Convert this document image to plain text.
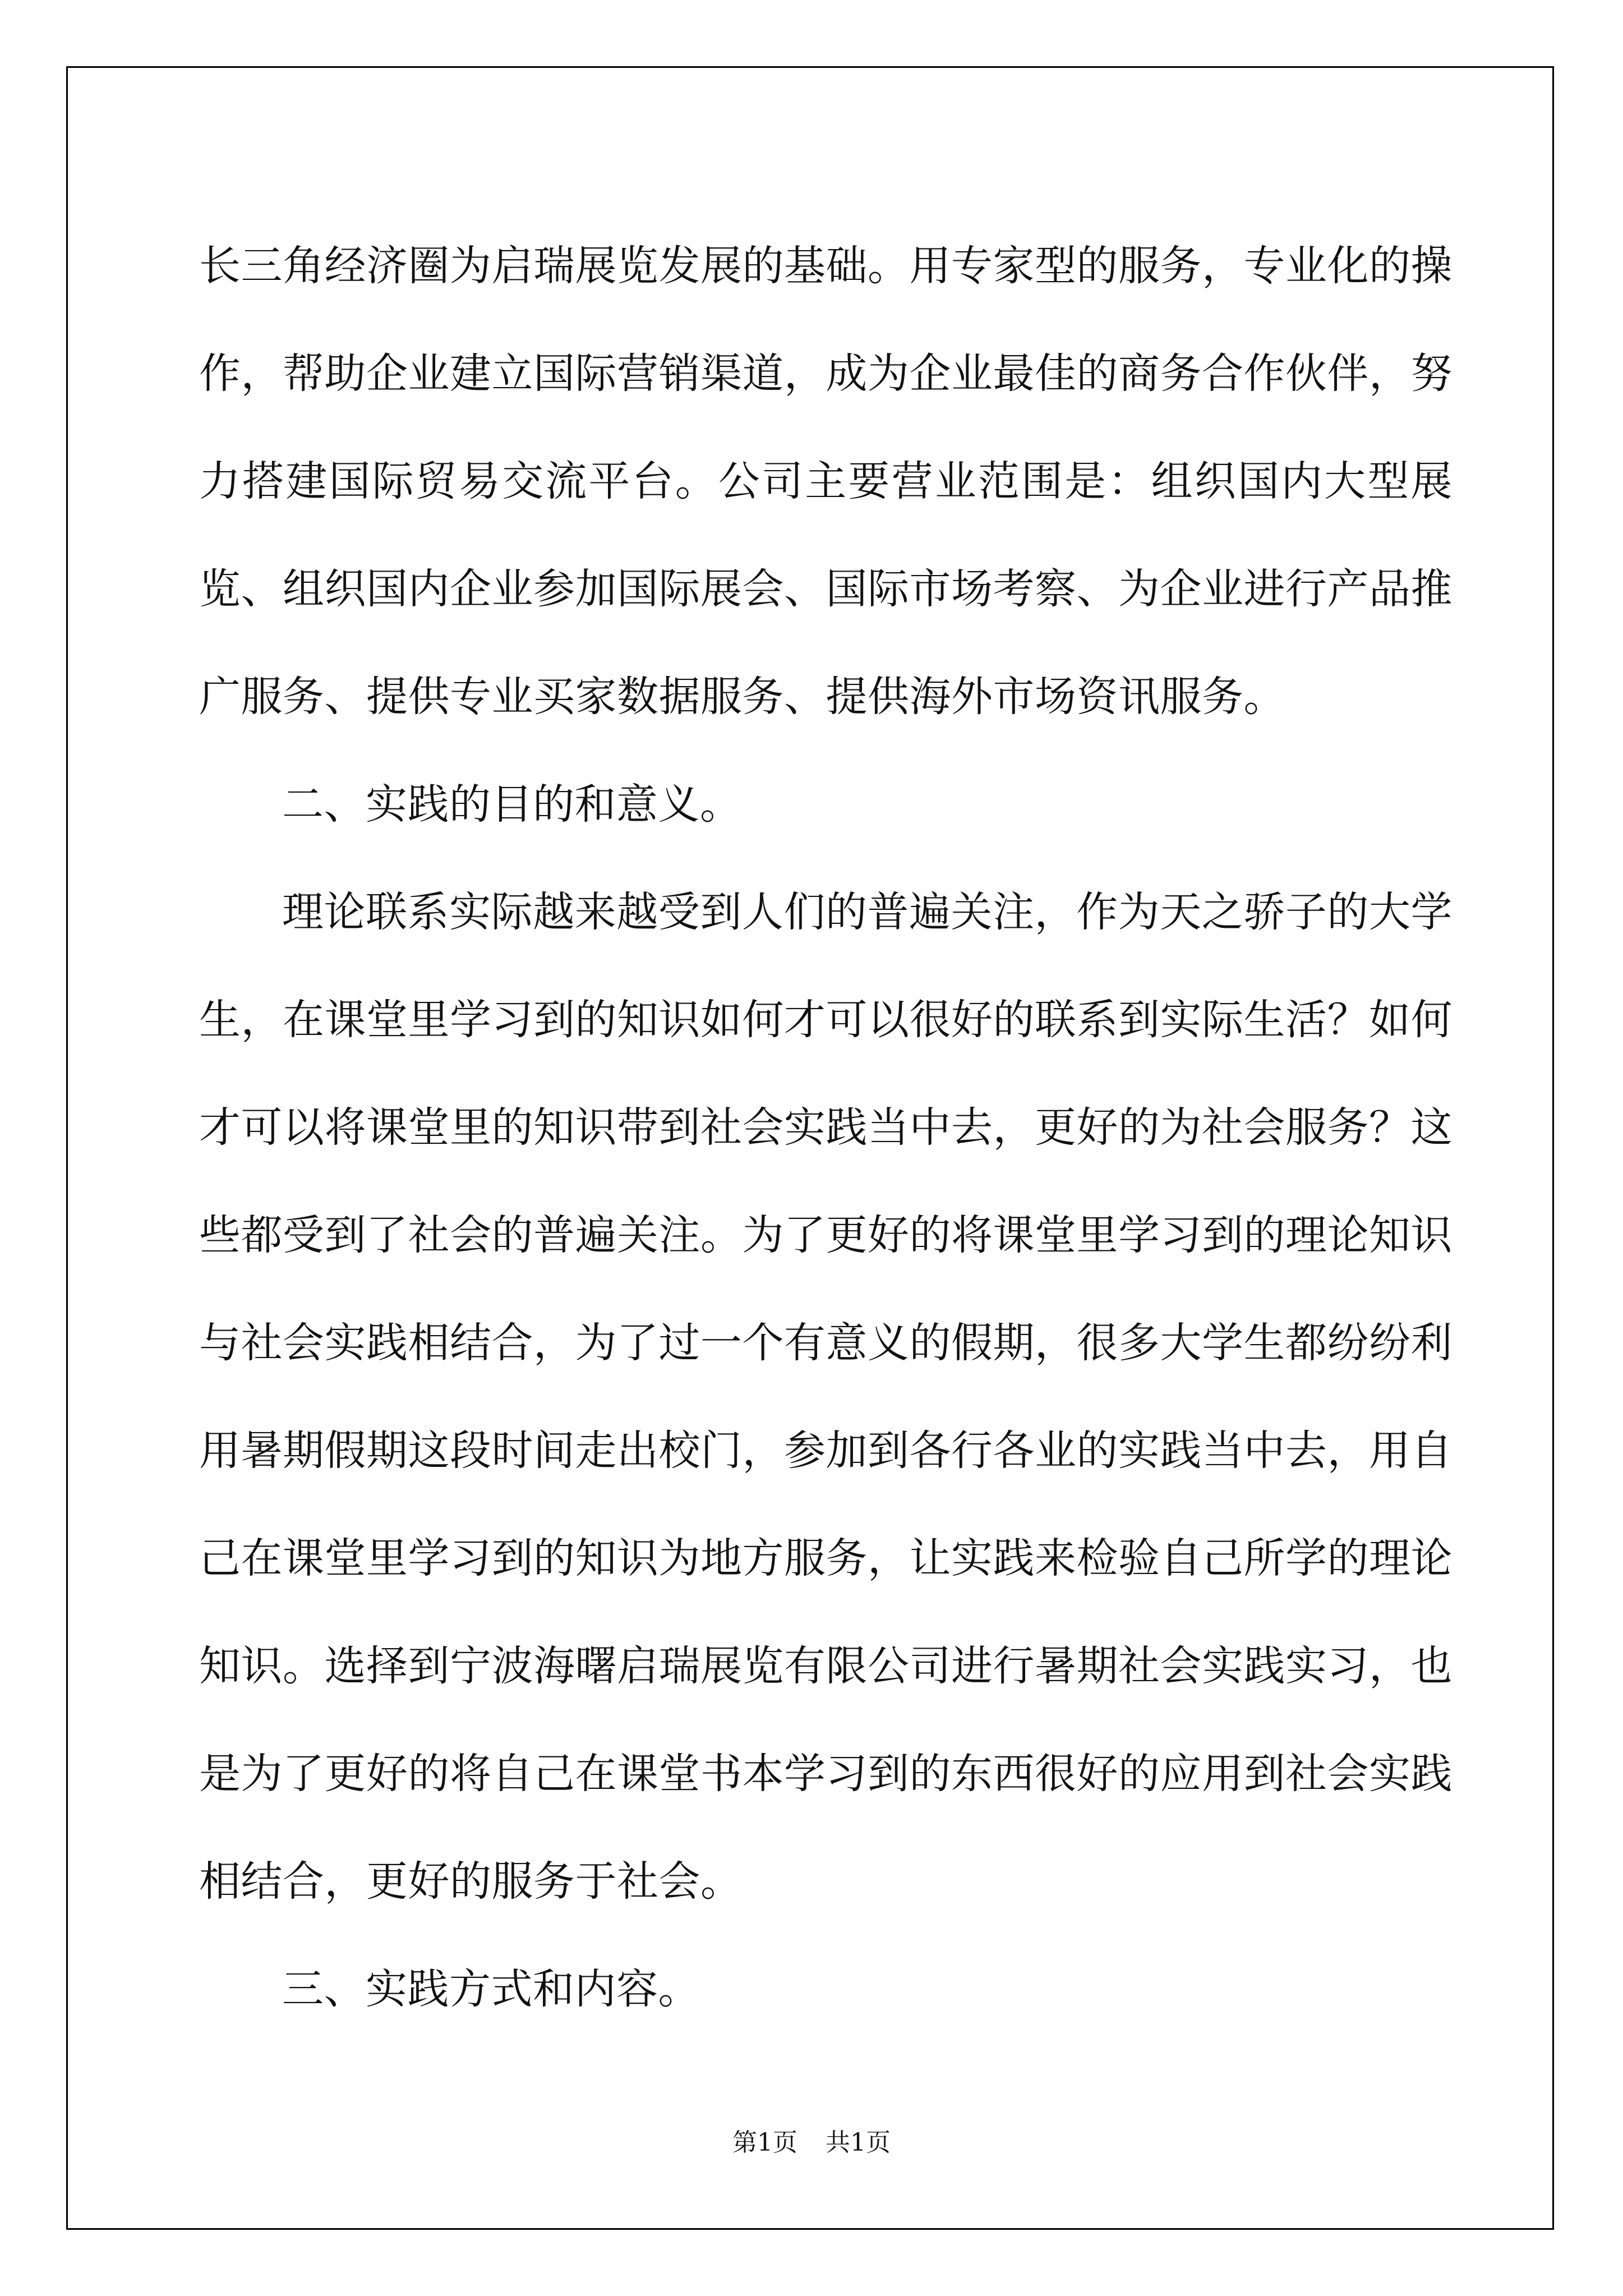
长三角经济圈为启瑞展览发展的基础。用专家型的服务，专业化的操作，帮助企业建立国际营销渠道，成为企业最佳的商务合作伙伴，努力搭建国际贸易交流平台。公司主要营业范围是：组织国内大型展览、组织国内企业参加国际展会、国际市场考察、为企业进行产品推广服务、提供专业买家数据服务、提供海外市场资讯服务。

二、实践的目的和意义。

理论联系实际越来越受到人们的普遍关注，作为天之骄子的大学生，在课堂里学习到的知识如何才可以很好的联系到实际生活？如何才可以将课堂里的知识带到社会实践当中去，更好的为社会服务？这些都受到了社会的普遍关注。为了更好的将课堂里学习到的理论知识与社会实践相结合，为了过一个有意义的假期，很多大学生都纷纷利用暑期假期这段时间走出校门，参加到各行各业的实践当中去，用自己在课堂里学习到的知识为地方服务，让实践来检验自己所学的理论知识。选择到宁波海曙启瑞展览有限公司进行暑期社会实践实习，也是为了更好的将自己在课堂书本学习到的东西很好的应用到社会实践相结合，更好的服务于社会。

三、实践方式和内容。

第1页 共1页
